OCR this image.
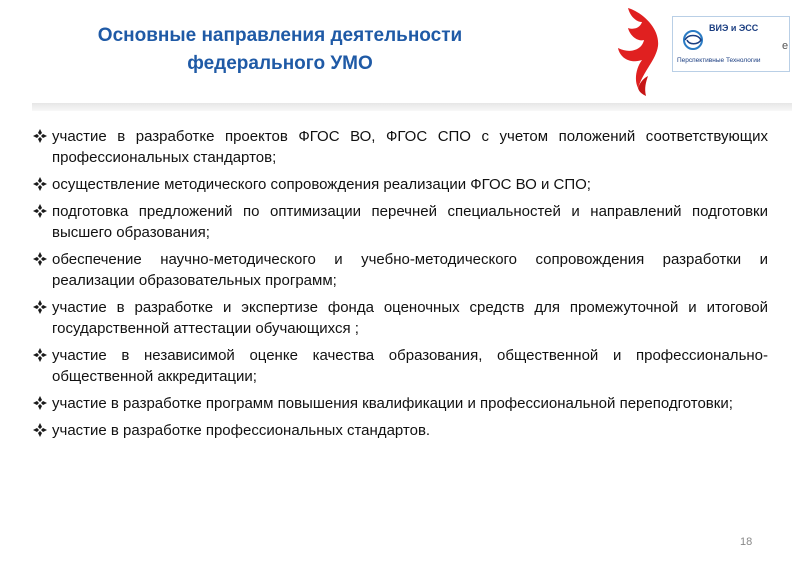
Основные направления деятельности
федерального УМО
ВИЭ и ЭСС
Перспективные Технологии
е
участие в разработке проектов ФГОС ВО, ФГОС СПО с учетом положений соответствующих профессиональных стандартов;
осуществление методического сопровождения реализации ФГОС ВО и СПО;
подготовка предложений по оптимизации перечней специальностей и направлений подготовки высшего образования;
обеспечение научно-методического и учебно-методического сопровождения разработки и реализации образовательных программ;
участие в разработке и экспертизе фонда оценочных средств для промежуточной и итоговой государственной аттестации обучающихся ;
участие в независимой оценке качества образования, общественной и профессионально-общественной аккредитации;
участие в разработке программ повышения квалификации и профессиональной переподготовки;
участие в разработке профессиональных стандартов.
18
